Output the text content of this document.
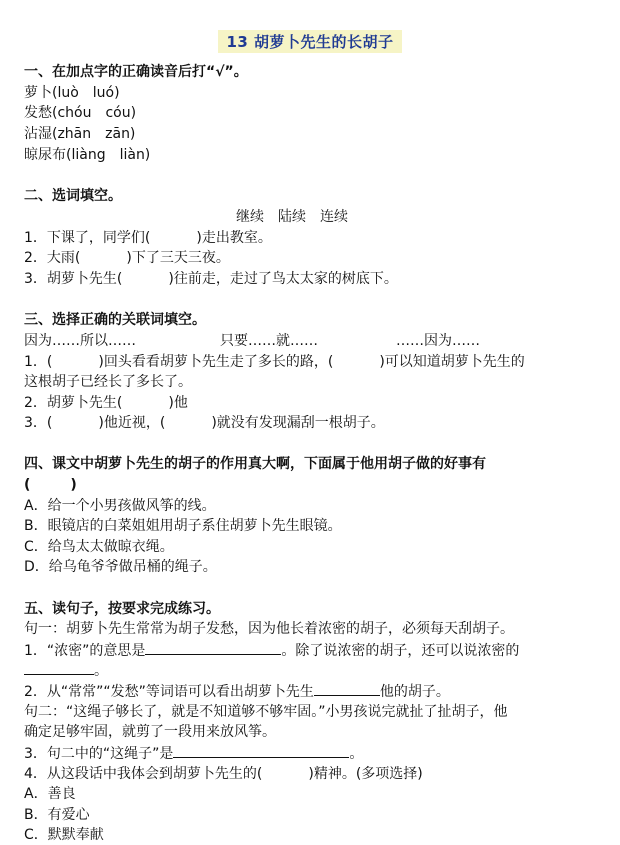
13 胡萝卜先生的长胡子
一、在加点字的正确读音后打“√”。
萝卜(luò　luó)
发愁(chóu　cóu)
沾湿(zhān　zān)
晾尿布(liàng　liàn)
二、选词填空。
继续　陆续　连续
1．下课了，同学们(	)走出教室。
2．大雨(	)下了三天三夜。
3．胡萝卜先生(	)往前走，走过了鸟太太家的树底下。
三、选择正确的关联词填空。
因为……所以……	只要……就……	……因为……
1．(	)回头看看胡萝卜先生走了多长的路，(	)可以知道胡萝卜先生的
这根胡子已经长了多长了。
2．胡萝卜先生(	)他
3．(	)他近视，(	)就没有发现漏刮一根胡子。
四、课文中胡萝卜先生的胡子的作用真大啊，下面属于他用胡子做的好事有
(	)
A．给一个小男孩做风筝的线。
B．眼镜店的白菜姐姐用胡子系住胡萝卜先生眼镜。
C．给鸟太太做晾衣绳。
D．给乌龟爷爷做吊桶的绳子。
五、读句子，按要求完成练习。
句一：胡萝卜先生常常为胡子发愁，因为他长着浓密的胡子，必须每天刮胡子。
1．“浓密”的意思是	。除了说浓密的胡子，还可以说浓密的
。
2．从“常常”“发愁”等词语可以看出胡萝卜先生	他的胡子。
句二：“这绳子够长了，就是不知道够不够牢固。”小男孩说完就扯了扯胡子，他
确定足够牢固，就剪了一段用来放风筝。
3．句二中的“这绳子”是	。
4．从这段话中我体会到胡萝卜先生的(	)精神。(多项选择)
A．善良
B．有爱心
C．默默奉献
